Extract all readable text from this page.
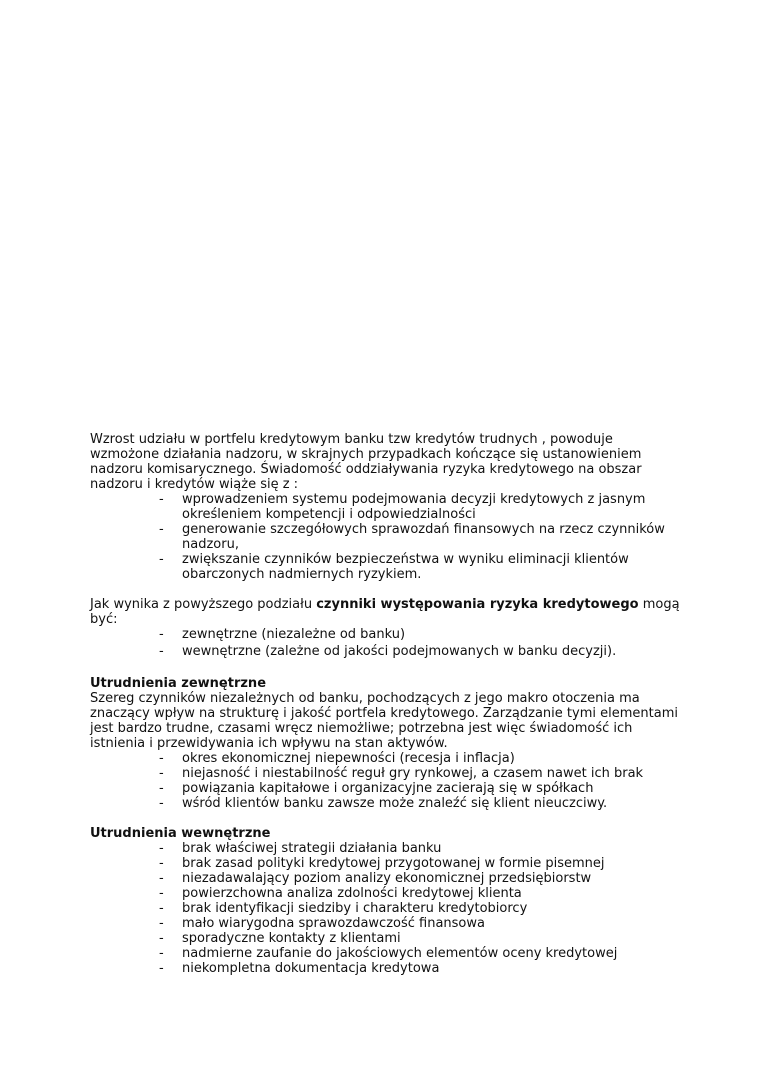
Wzrost udziału w portfelu kredytowym banku tzw kredytów trudnych , powoduje wzmożone działania nadzoru, w skrajnych przypadkach kończące się ustanowieniem nadzoru komisarycznego. Świadomość oddziaływania ryzyka kredytowego na obszar nadzoru i kredytów wiąże się z :

- wprowadzeniem systemu podejmowania decyzji kredytowych z jasnym określeniem kompetencji i odpowiedzialności
- generowanie szczegółowych sprawozdań finansowych na rzecz czynników nadzoru,
- zwiększanie czynników bezpieczeństwa w wyniku eliminacji klientów obarczonych nadmiernych ryzykiem.

Jak wynika z powyższego podziału czynniki występowania ryzyka kredytowego mogą być:

- zewnętrzne (niezależne od banku)
- wewnętrzne (zależne od jakości podejmowanych w banku decyzji).

Utrudnienia zewnętrzne

Szereg czynników niezależnych od banku, pochodzących z jego makro otoczenia ma znaczący wpływ na strukturę i jakość portfela kredytowego. Zarządzanie tymi elementami jest bardzo trudne, czasami wręcz niemożliwe; potrzebna jest więc świadomość ich istnienia i przewidywania ich wpływu na stan aktywów.

- okres ekonomicznej niepewności (recesja i inflacja)
- niejasność i niestabilność reguł gry rynkowej, a czasem nawet ich brak
- powiązania kapitałowe i organizacyjne zacierają się w spółkach
- wśród klientów banku zawsze może znaleźć się klient nieuczciwy.

Utrudnienia wewnętrzne

- brak właściwej strategii działania banku
- brak zasad polityki kredytowej przygotowanej w formie pisemnej
- niezadawalający poziom analizy ekonomicznej przedsiębiorstw
- powierzchowna analiza zdolności kredytowej klienta
- brak identyfikacji siedziby i charakteru kredytobiorcy
- mało wiarygodna sprawozdawczość finansowa
- sporadyczne kontakty z klientami
- nadmierne zaufanie do jakościowych elementów oceny kredytowej
- niekompletna dokumentacja kredytowa
